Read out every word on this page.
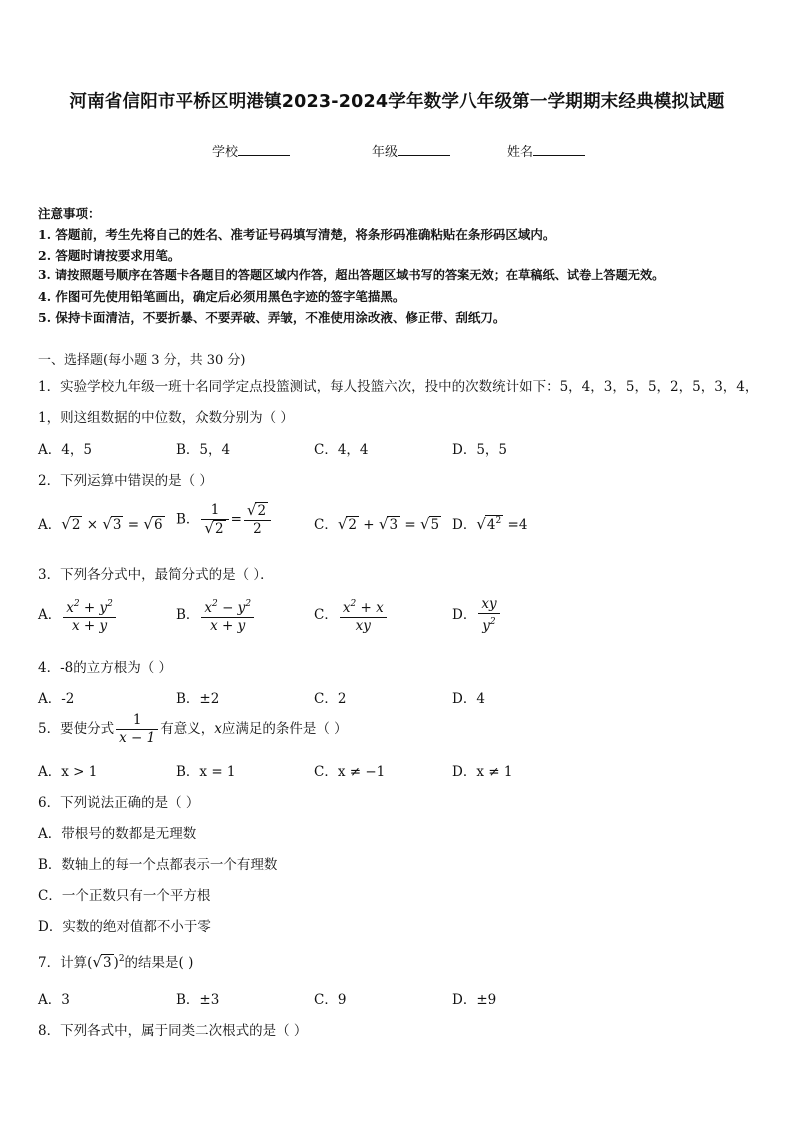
河南省信阳市平桥区明港镇2023-2024学年数学八年级第一学期期末经典模拟试题
学校	年级	姓名
注意事项：
1. 答题前，考生先将自己的姓名、准考证号码填写清楚，将条形码准确粘贴在条形码区域内。
2. 答题时请按要求用笔。
3. 请按照题号顺序在答题卡各题目的答题区域内作答，超出答题区域书写的答案无效；在草稿纸、试卷上答题无效。
4. 作图可先使用铅笔画出，确定后必须用黑色字迹的签字笔描黑。
5. 保持卡面清洁，不要折暴、不要弄破、弄皱，不准使用涂改液、修正带、刮纸刀。
一、选择题(每小题 3 分，共 30 分)
1．实验学校九年级一班十名同学定点投篮测试，每人投篮六次，投中的次数统计如下：5，4，3，5，5，2，5，3，4，
1，则这组数据的中位数，众数分别为（ ）
A．4，5	B．5，4	C．4，4	D．5，5
2．下列运算中错误的是（ ）
A．√2 × √3 = √6 B． $\frac{1}{√2} = \frac{√2}{2}$	C．√2 + √3 = √5 D．$√4^2 =4$
3．下列各分式中，最简分式的是（ ）．
A． $\frac{x^2 + y^2}{x + y}$	B． $\frac{x^2 - y^2}{x + y}$	C． $\frac{x^2 + x}{xy}$	D． $\frac{xy}{y^2}$
4．-8的立方根为（ ）
A．-2	B．±2	C．2	D．4
5．要使分式 $\frac{1}{x - 1}$ 有意义，x应满足的条件是（ ）
A．x > 1	B．x = 1	C．x ≠ −1	D．x ≠ 1
6．下列说法正确的是（ ）
A．带根号的数都是无理数
B．数轴上的每一个点都表示一个有理数
C．一个正数只有一个平方根
D．实数的绝对值都不小于零
7．计算(√3 )$^2$的结果是( )
A．3	B．±3	C．9	D．±9
8．下列各式中，属于同类二次根式的是（ ）
